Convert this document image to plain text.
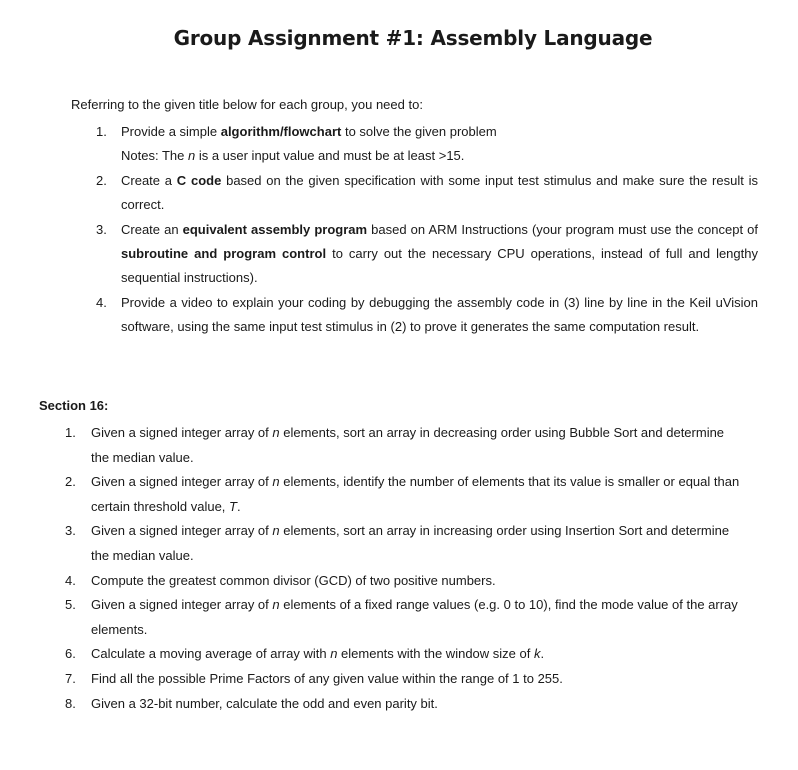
Group Assignment #1: Assembly Language

Referring to the given title below for each group, you need to:

1.	Provide a simple algorithm/flowchart to solve the given problem
Notes: The n is a user input value and must be at least >15.
2.	Create a C code based on the given specification with some input test stimulus and make sure the result is correct.
3.	Create an equivalent assembly program based on ARM Instructions (your program must use the concept of subroutine and program control to carry out the necessary CPU operations, instead of full and lengthy sequential instructions).
4.	Provide a video to explain your coding by debugging the assembly code in (3) line by line in the Keil uVision software, using the same input test stimulus in (2) to prove it generates the same computation result.
Section 16:
1.	Given a signed integer array of n elements, sort an array in decreasing order using Bubble Sort and determine the median value.
2.	Given a signed integer array of n elements, identify the number of elements that its value is smaller or equal than certain threshold value, T.
3.	Given a signed integer array of n elements, sort an array in increasing order using Insertion Sort and determine the median value.
4.	Compute the greatest common divisor (GCD) of two positive numbers.
5.	Given a signed integer array of n elements of a fixed range values (e.g. 0 to 10), find the mode value of the array elements.
6.	Calculate a moving average of array with n elements with the window size of k.
7.	Find all the possible Prime Factors of any given value within the range of 1 to 255.
8.	Given a 32-bit number, calculate the odd and even parity bit.
